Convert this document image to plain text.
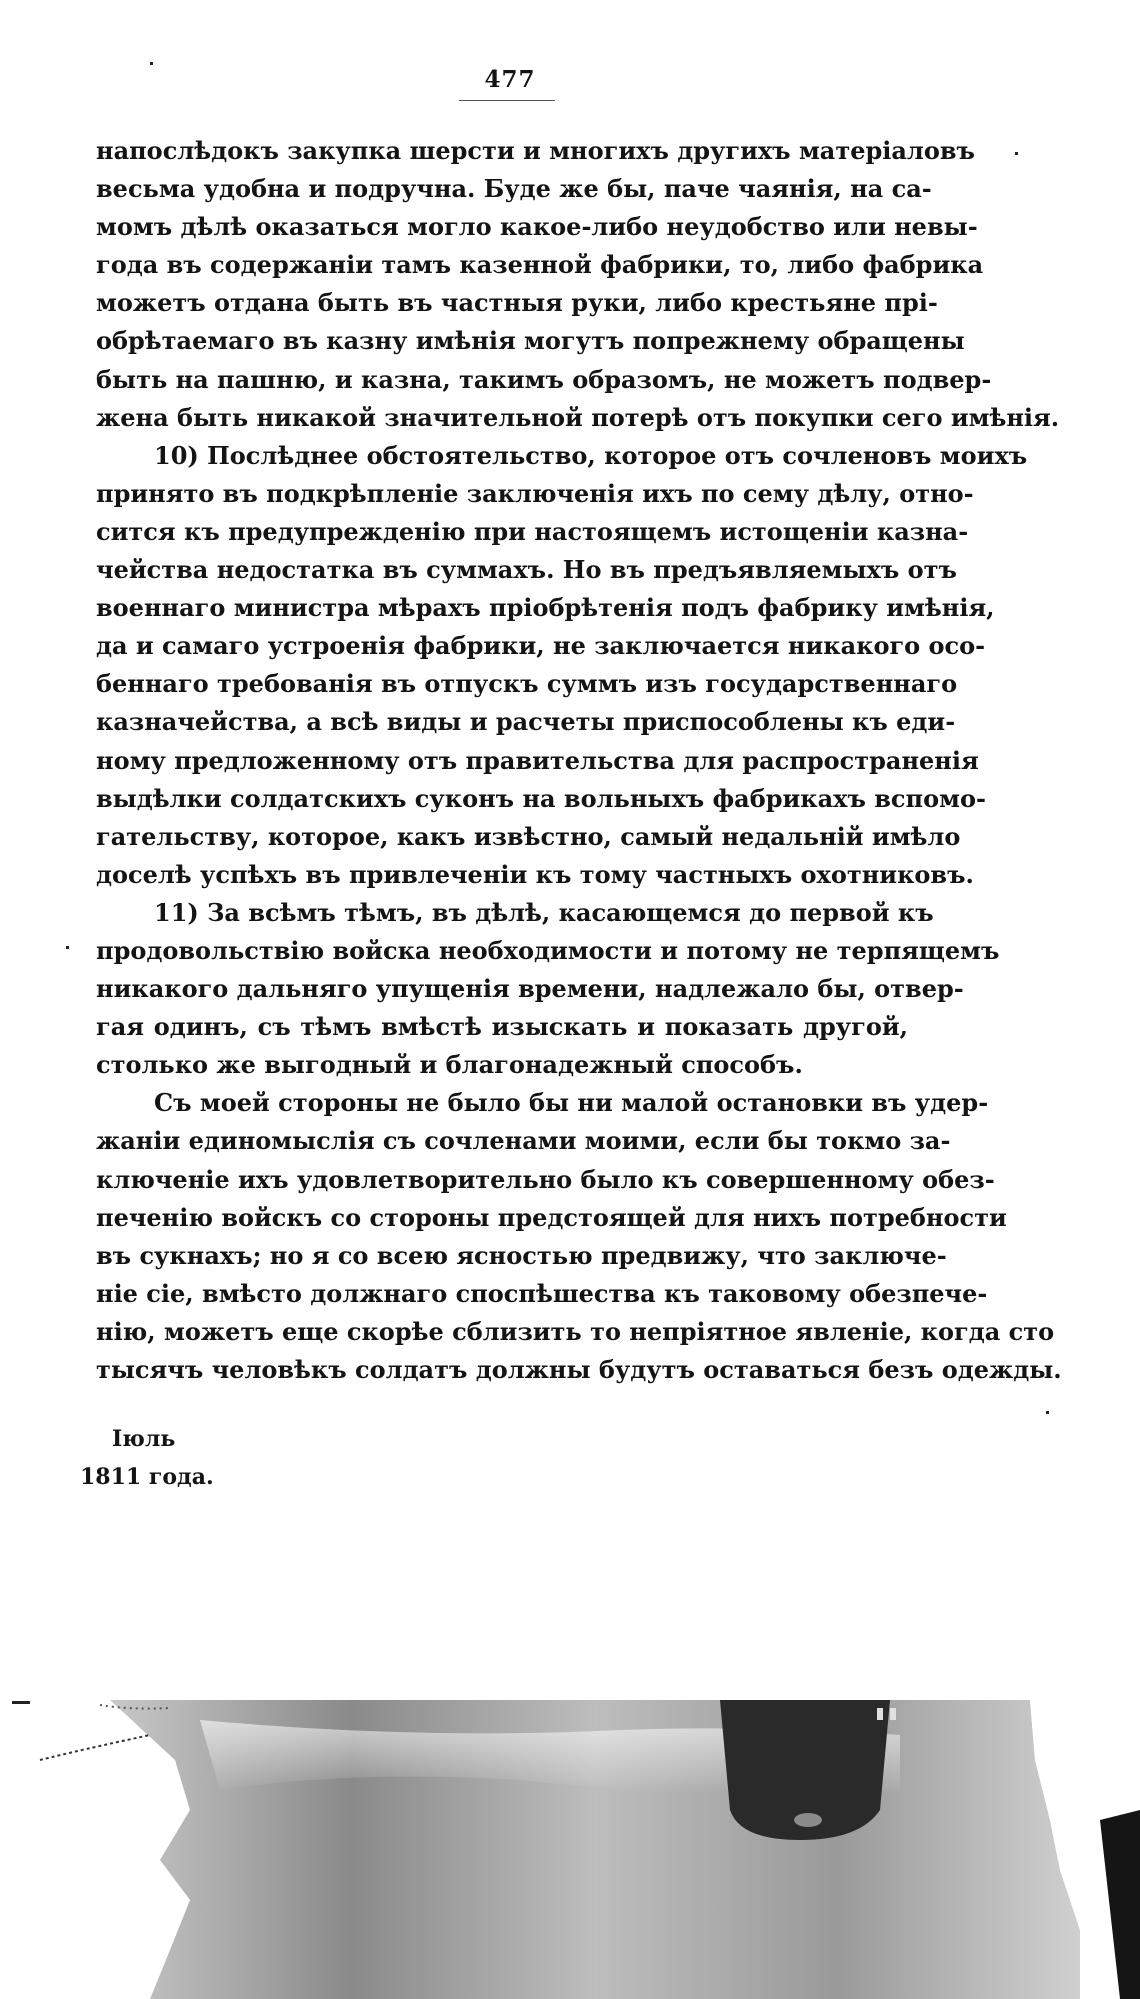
477
напослѣдокъ закупка шерсти и многихъ другихъ матеріаловъ
весьма удобна и подручна. Буде же бы, паче чаянія, на са-
момъ дѣлѣ оказаться могло какое-либо неудобство или невы-
года въ содержаніи тамъ казенной фабрики, то, либо фабрика
можетъ отдана быть въ частныя руки, либо крестьяне прі-
обрѣтаемаго въ казну имѣнія могутъ попрежнему обращены
быть на пашню, и казна, такимъ образомъ, не можетъ подвер-
жена быть никакой значительной потерѣ отъ покупки сего имѣнія.
10) Послѣднее обстоятельство, которое отъ сочленовъ моихъ
принято въ подкрѣпленіе заключенія ихъ по сему дѣлу, отно-
сится къ предупрежденію при настоящемъ истощеніи казна-
чейства недостатка въ суммахъ. Но въ предъявляемыхъ отъ
военнаго министра мѣрахъ пріобрѣтенія подъ фабрику имѣнія,
да и самаго устроенія фабрики, не заключается никакого осо-
беннаго требованія въ отпускъ суммъ изъ государственнаго
казначейства, а всѣ виды и расчеты приспособлены къ еди-
ному предложенному отъ правительства для распространенія
выдѣлки солдатскихъ суконъ на вольныхъ фабрикахъ вспомо-
гательству, которое, какъ извѣстно, самый недальній имѣло
доселѣ успѣхъ въ привлеченіи къ тому частныхъ охотниковъ.
11) За всѣмъ тѣмъ, въ дѣлѣ, касающемся до первой къ
продовольствію войска необходимости и потому не терпящемъ
никакого дальняго упущенія времени, надлежало бы, отвер-
гая одинъ, съ тѣмъ вмѣстѣ изыскать и показать другой,
столько же выгодный и благонадежный способъ.
Съ моей стороны не было бы ни малой остановки въ удер-
жаніи единомыслія съ сочленами моими, если бы токмо за-
ключеніе ихъ удовлетворительно было къ совершенному обез-
печенію войскъ со стороны предстоящей для нихъ потребности
въ сукнахъ; но я со всею ясностью предвижу, что заключе-
ніе сіе, вмѣсто должнаго споспѣшества къ таковому обезпече-
нію, можетъ еще скорѣе сблизить то непріятное явленіе, когда сто
тысячъ человѣкъ солдатъ должны будутъ оставаться безъ одежды.
Іюль
1811 года.
